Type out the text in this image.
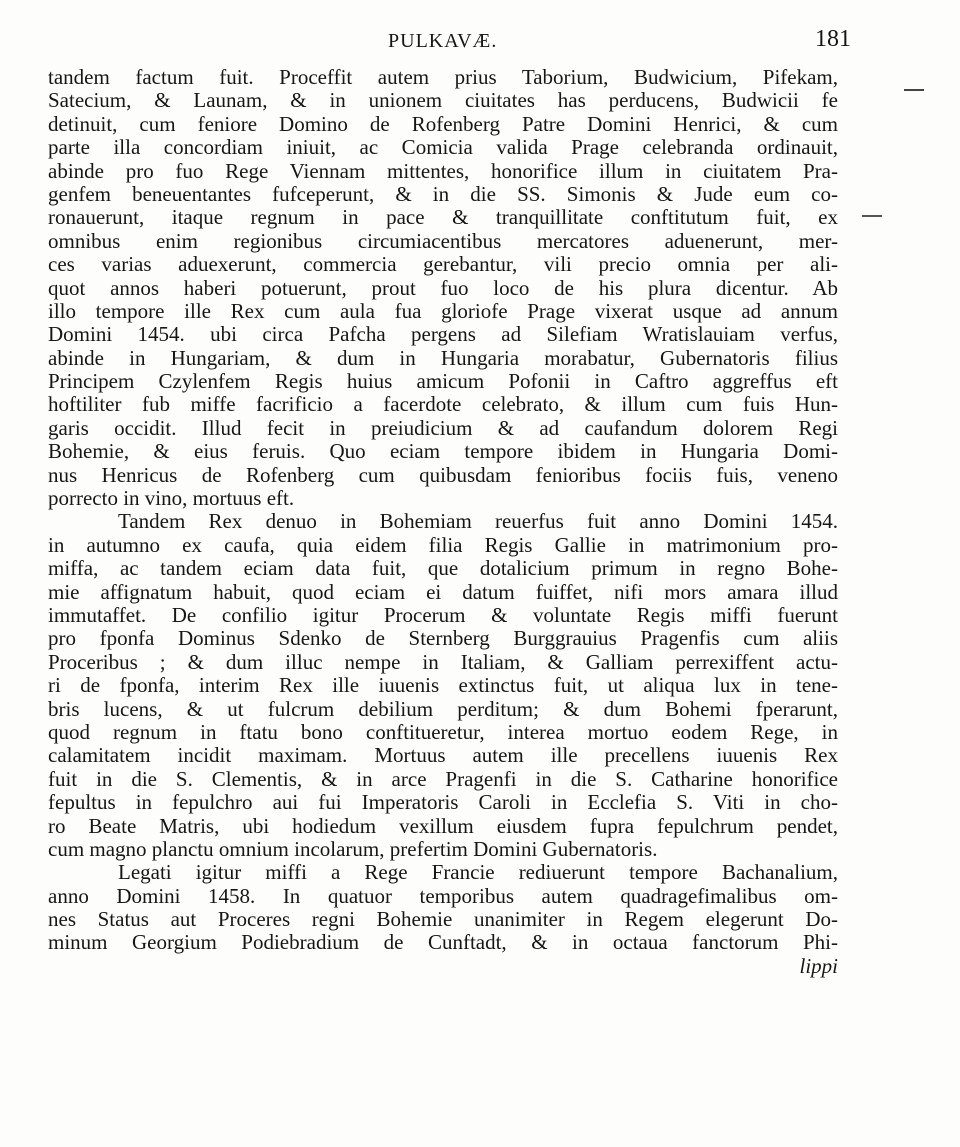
PULKAVÆ.	181
tandem factum fuit. Proceffit autem prius Taborium, Budwicium, Pifekam,
Satecium, & Launam, & in unionem ciuitates has perducens, Budwicii fe
detinuit, cum feniore Domino de Rofenberg Patre Domini Henrici, & cum
parte illa concordiam iniuit, ac Comicia valida Prage celebranda ordinauit,
abinde pro fuo Rege Viennam mittentes, honorifice illum in ciuitatem Pra-
genfem beneuentantes fufceperunt, & in die SS. Simonis & Jude eum co-
ronauerunt, itaque regnum in pace & tranquillitate conftitutum fuit, ex
omnibus enim regionibus circumiacentibus mercatores aduenerunt, mer-
ces varias aduexerunt, commercia gerebantur, vili precio omnia per ali-
quot annos haberi potuerunt, prout fuo loco de his plura dicentur. Ab
illo tempore ille Rex cum aula fua gloriofe Prage vixerat usque ad annum
Domini 1454. ubi circa Pafcha pergens ad Silefiam Wratislauiam verfus,
abinde in Hungariam, & dum in Hungaria morabatur, Gubernatoris filius
Principem Czylenfem Regis huius amicum Pofonii in Caftro aggreffus eft
hoftiliter fub miffe facrificio a facerdote celebrato, & illum cum fuis Hun-
garis occidit. Illud fecit in preiudicium & ad caufandum dolorem Regi
Bohemie, & eius feruis. Quo eciam tempore ibidem in Hungaria Domi-
nus Henricus de Rofenberg cum quibusdam fenioribus fociis fuis, veneno
porrecto in vino, mortuus eft.
Tandem Rex denuo in Bohemiam reuerfus fuit anno Domini 1454.
in autumno ex caufa, quia eidem filia Regis Gallie in matrimonium pro-
miffa, ac tandem eciam data fuit, que dotalicium primum in regno Bohe-
mie affignatum habuit, quod eciam ei datum fuiffet, nifi mors amara illud
immutaffet. De confilio igitur Procerum & voluntate Regis miffi fuerunt
pro fponfa Dominus Sdenko de Sternberg Burggrauius Pragenfis cum aliis
Proceribus ; & dum illuc nempe in Italiam, & Galliam perrexiffent actu-
ri de fponfa, interim Rex ille iuuenis extinctus fuit, ut aliqua lux in tene-
bris lucens, & ut fulcrum debilium perditum; & dum Bohemi fperarunt,
quod regnum in ftatu bono conftitueretur, interea mortuo eodem Rege, in
calamitatem incidit maximam. Mortuus autem ille precellens iuuenis Rex
fuit in die S. Clementis, & in arce Pragenfi in die S. Catharine honorifice
fepultus in fepulchro aui fui Imperatoris Caroli in Ecclefia S. Viti in cho-
ro Beate Matris, ubi hodiedum vexillum eiusdem fupra fepulchrum pendet,
cum magno planctu omnium incolarum, prefertim Domini Gubernatoris.
Legati igitur miffi a Rege Francie rediuerunt tempore Bachanalium,
anno Domini 1458. In quatuor temporibus autem quadragefimalibus om-
nes Status aut Proceres regni Bohemie unanimiter in Regem elegerunt Do-
minum Georgium Podiebradium de Cunftadt, & in octaua fanctorum Phi-
lippi
